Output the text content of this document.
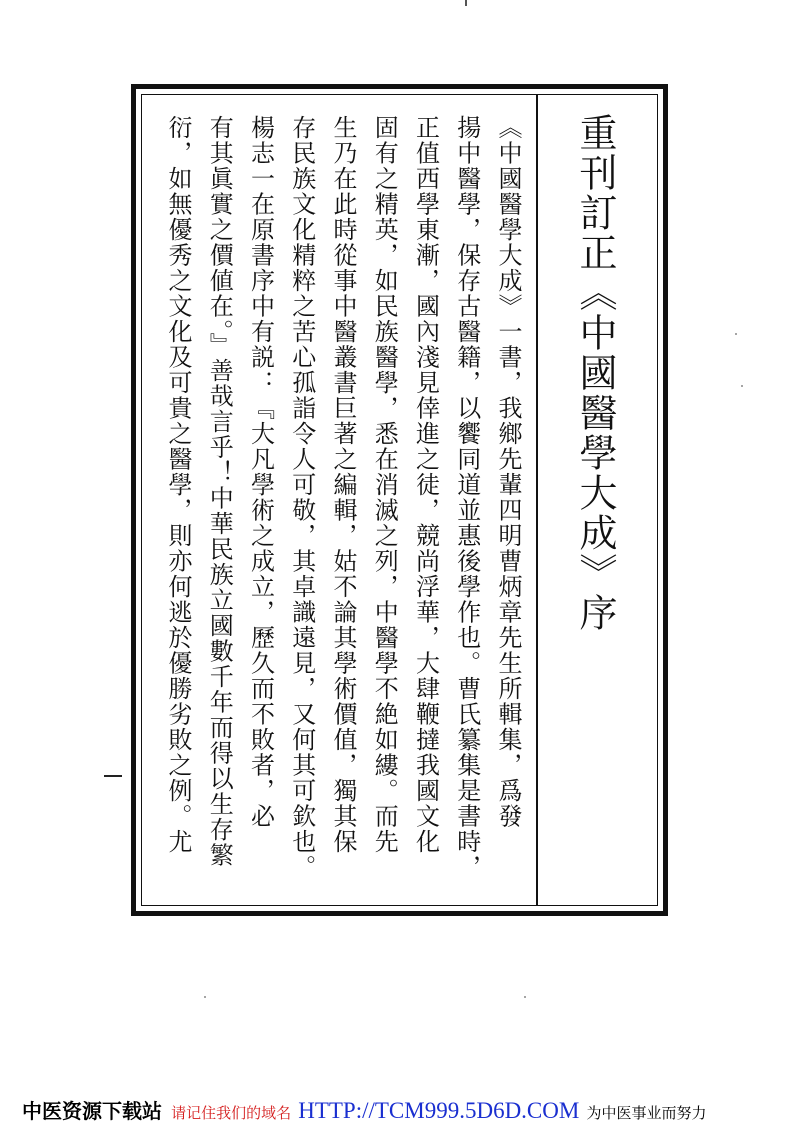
《中國醫學大成》一書，我鄉先輩四明曹炳章先生所輯集，爲發
揚中醫學，保存古醫籍，以饗同道並惠後學作也。曹氏纂集是書時，
正值西學東漸，國內淺見倖進之徒，競尚浮華，大肆鞭撻我國文化
固有之精英，如民族醫學，悉在消滅之列，中醫學不絶如縷。而先
生乃在此時從事中醫叢書巨著之編輯，姑不論其學術價值，獨其保
存民族文化精粹之苦心孤詣令人可敬，其卓識遠見，又何其可欽也。
楊志一在原書序中有説：『大凡學術之成立，歷久而不敗者，必
有其眞實之價値在。』善哉言乎！中華民族立國數千年而得以生存繁
衍，如無優秀之文化及可貴之醫學，則亦何逃於優勝劣敗之例。尤	重刊訂正《中國醫學大成》序
中医资源下载站 请记住我们的域名 HTTP://TCM999.5D6D.COM 为中医事业而努力
